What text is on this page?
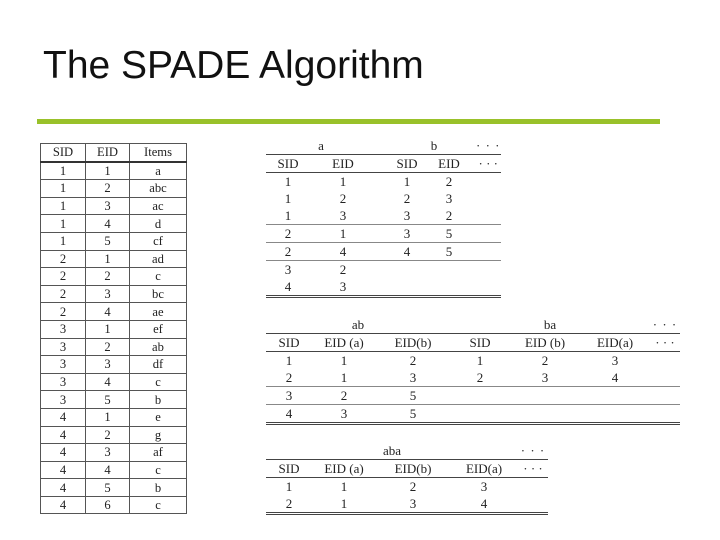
The SPADE Algorithm
SID	EID	Items
1	1	a
1	2	abc
1	3	ac
1	4	d
1	5	cf
2	1	ad
2	2	c
2	3	bc
2	4	ae
3	1	ef
3	2	ab
3	3	df
3	4	c
3	5	b
4	1	e
4	2	g
4	3	af
4	4	c
4	5	b
4	6	c
a			b		· · ·
SID	EID		SID	EID	· · ·
1	1		1	2	
1	2		2	3	
1	3		3	2	
2	1		3	5	
2	4		4	5	
3	2				
4	3				
ab			ba			· · ·
SID	EID (a)	EID(b)	SID	EID (b)	EID(a)	· · ·
1	1	2	1	2	3	
2	1	3	2	3	4	
3	2	5				
4	3	5				
aba				· · ·
SID	EID (a)	EID(b)	EID(a)	· · ·
1	1	2	3	
2	1	3	4	
